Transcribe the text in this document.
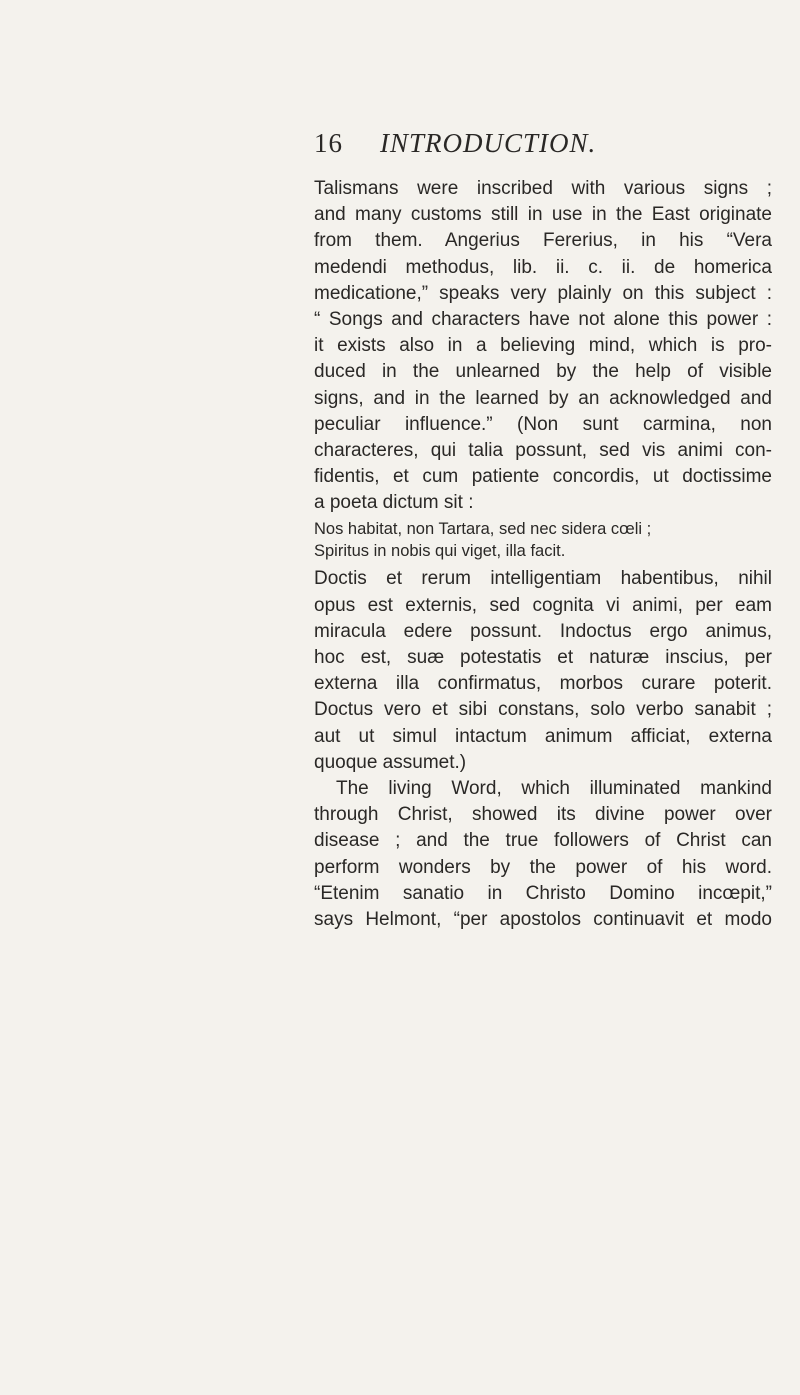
16 INTRODUCTION.
Talismans were inscribed with various signs ;
and many customs still in use in the East originate
from them. Angerius Fererius, in his “Vera
medendi methodus, lib. ii. c. ii. de homerica
medicatione,” speaks very plainly on this subject :
“ Songs and characters have not alone this power :
it exists also in a believing mind, which is pro-
duced in the unlearned by the help of visible
signs, and in the learned by an acknowledged and
peculiar influence.” (Non sunt carmina, non
characteres, qui talia possunt, sed vis animi con-
fidentis, et cum patiente concordis, ut doctissime
a poeta dictum sit :
Nos habitat, non Tartara, sed nec sidera cœli ;
Spiritus in nobis qui viget, illa facit.
Doctis et rerum intelligentiam habentibus, nihil
opus est externis, sed cognita vi animi, per eam
miracula edere possunt. Indoctus ergo animus,
hoc est, suæ potestatis et naturæ inscius, per
externa illa confirmatus, morbos curare poterit.
Doctus vero et sibi constans, solo verbo sanabit ;
aut ut simul intactum animum afficiat, externa
quoque assumet.)
The living Word, which illuminated mankind
through Christ, showed its divine power over
disease ; and the true followers of Christ can
perform wonders by the power of his word.
“Etenim sanatio in Christo Domino incœpit,”
says Helmont, “per apostolos continuavit et modo
